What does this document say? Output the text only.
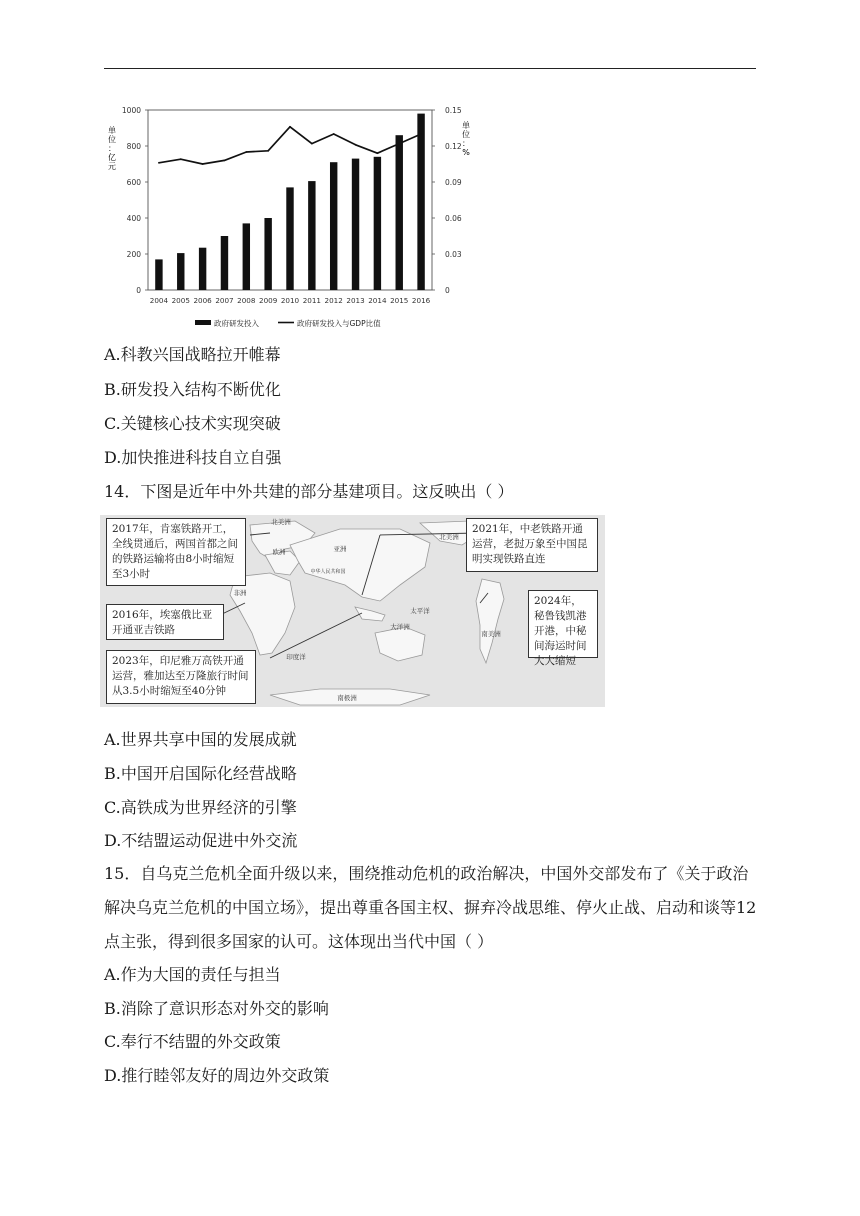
0
200
400
600
800
1000
0
0.03
0.06
0.09
0.12
0.15
2004 2005 2006 2007 2008 2009 2010 2011 2012 2013 2014 2015 2016
单位：亿元
单位：%
政府研发投入	政府研发投入与GDP比值
A.科教兴国战略拉开帷幕
B.研发投入结构不断优化
C.关键核心技术实现突破
D.加快推进科技自立自强
14．下图是近年中外共建的部分基建项目。这反映出（ ）
北美洲
欧洲	亚洲
中华人民共和国
非洲
印度洋
太平洋
大洋洲
北美洲
南美洲
南极洲
2017年，肯塞铁路开工，全线贯通后，两国首都之间的铁路运输将由8小时缩短至3小时
2016年，埃塞俄比亚开通亚吉铁路
2023年，印尼雅万高铁开通运营，雅加达至万隆旅行时间从3.5小时缩短至40分钟
2021年，中老铁路开通运营，老挝万象至中国昆明实现铁路直连
2024年，秘鲁钱凯港开港，中秘间海运时间大大缩短
A.世界共享中国的发展成就
B.中国开启国际化经营战略
C.高铁成为世界经济的引擎
D.不结盟运动促进中外交流
15．自乌克兰危机全面升级以来，围绕推动危机的政治解决，中国外交部发布了《关于政治解决乌克兰危机的中国立场》，提出尊重各国主权、摒弃冷战思维、停火止战、启动和谈等12点主张，得到很多国家的认可。这体现出当代中国（ ）
A.作为大国的责任与担当
B.消除了意识形态对外交的影响
C.奉行不结盟的外交政策
D.推行睦邻友好的周边外交政策
